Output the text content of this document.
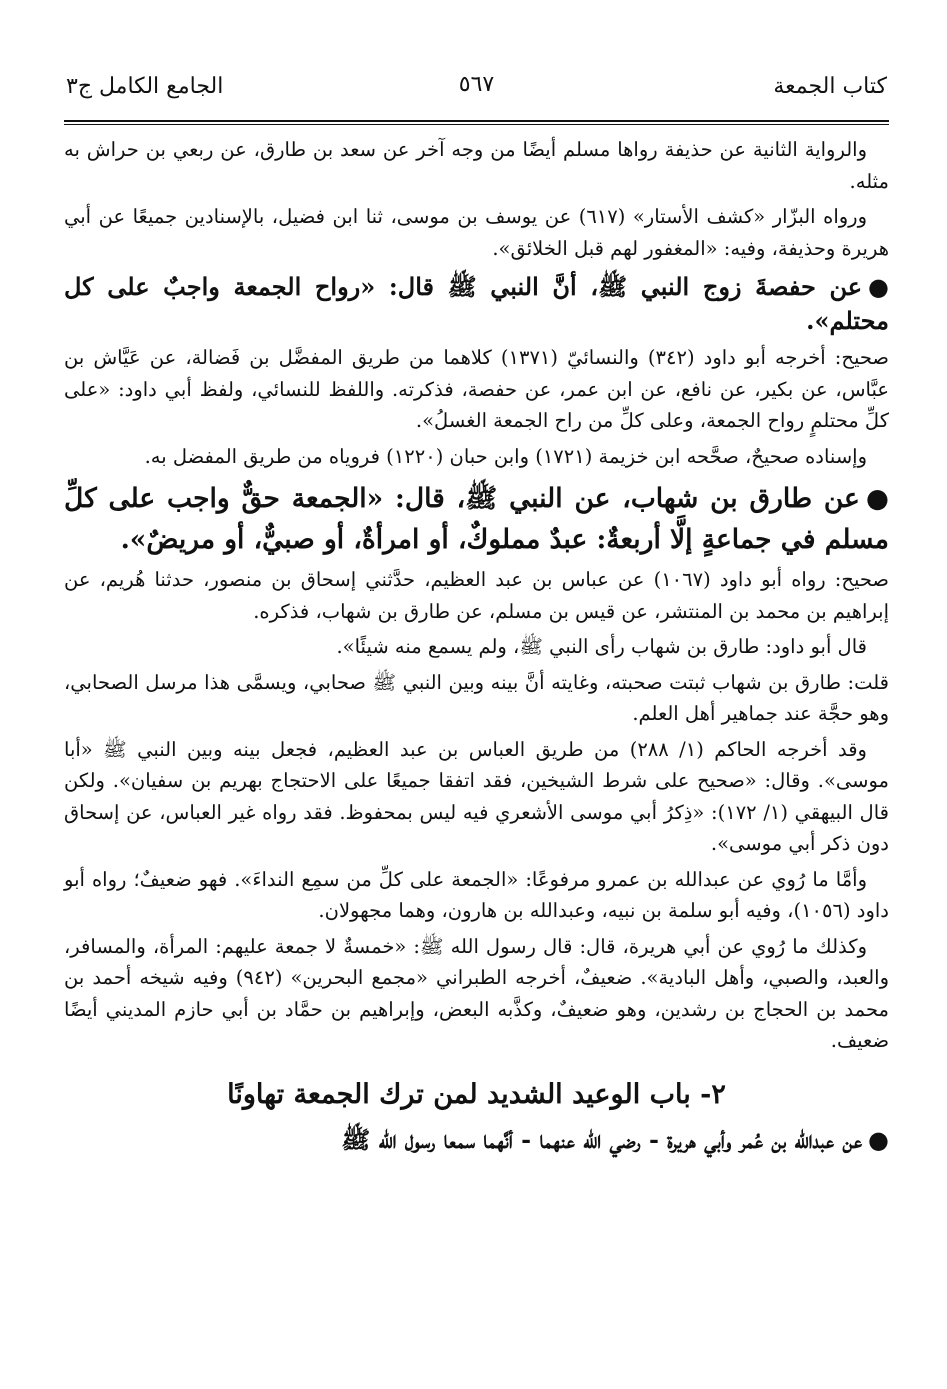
كتاب الجمعة
٥٦٧
الجامع الكامل ج٣

والرواية الثانية عن حذيفة رواها مسلم أيضًا من وجه آخر عن سعد بن طارق، عن ربعي بن حراش به مثله.

ورواه البزّار «كشف الأستار» (٦١٧) عن يوسف بن موسى، ثنا ابن فضيل، بالإسنادين جميعًا عن أبي هريرة وحذيفة، وفيه: «المغفور لهم قبل الخلائق».

●عن حفصةَ زوج النبي ﷺ، أنَّ النبي ﷺ قال: «رواح الجمعة واجبٌ على كل محتلم».

صحيح: أخرجه أبو داود (٣٤٢) والنسائيّ (١٣٧١) كلاهما من طريق المفضَّل بن فَضالة، عن عَيَّاش بن عبَّاس، عن بكير، عن نافع، عن ابن عمر، عن حفصة، فذكرته. واللفظ للنسائي، ولفظ أبي داود: «على كلِّ محتلمٍ رواح الجمعة، وعلى كلِّ من راح الجمعة الغسلُ».

وإسناده صحيحٌ، صحَّحه ابن خزيمة (١٧٢١) وابن حبان (١٢٢٠) فروياه من طريق المفضل به.

●عن طارق بن شهاب، عن النبي ﷺ، قال: «الجمعة حقٌّ واجب على كلِّ مسلم في جماعةٍ إلَّا أربعةٌ: عبدٌ مملوكٌ، أو امرأةٌ، أو صبيٌّ، أو مريضٌ».

صحيح: رواه أبو داود (١٠٦٧) عن عباس بن عبد العظيم، حدَّثني إسحاق بن منصور، حدثنا هُريم، عن إبراهيم بن محمد بن المنتشر، عن قيس بن مسلم، عن طارق بن شهاب، فذكره.

قال أبو داود: طارق بن شهاب رأى النبي ﷺ، ولم يسمع منه شيئًا».

قلت: طارق بن شهاب ثبتت صحبته، وغايته أنَّ بينه وبين النبي ﷺ صحابي، ويسمَّى هذا مرسل الصحابي، وهو حجَّة عند جماهير أهل العلم.

وقد أخرجه الحاكم (١/ ٢٨٨) من طريق العباس بن عبد العظيم، فجعل بينه وبين النبي ﷺ «أبا موسى». وقال: «صحيح على شرط الشيخين، فقد اتفقا جميعًا على الاحتجاج بهريم بن سفيان». ولكن قال البيهقي (١/ ١٧٢): «ذِكرُ أبي موسى الأشعري فيه ليس بمحفوظ. فقد رواه غير العباس، عن إسحاق دون ذكر أبي موسى».

وأمَّا ما رُوي عن عبدالله بن عمرو مرفوعًا: «الجمعة على كلِّ من سمِع النداءَ». فهو ضعيفٌ؛ رواه أبو داود (١٠٥٦)، وفيه أبو سلمة بن نبيه، وعبدالله بن هارون، وهما مجهولان.

وكذلك ما رُوي عن أبي هريرة، قال: قال رسول الله ﷺ: «خمسةٌ لا جمعة عليهم: المرأة، والمسافر، والعبد، والصبي، وأهل البادية». ضعيفٌ، أخرجه الطبراني «مجمع البحرين» (٩٤٢) وفيه شيخه أحمد بن محمد بن الحجاج بن رشدين، وهو ضعيفٌ، وكذَّبه البعض، وإبراهيم بن حمَّاد بن أبي حازم المديني أيضًا ضعيف.

٢- باب الوعيد الشديد لمن ترك الجمعة تهاونًا

●عن عبدالله بن عُمر وأبي هريرة - رضي الله عنهما - أنَّهما سمعا رسول الله ﷺ
